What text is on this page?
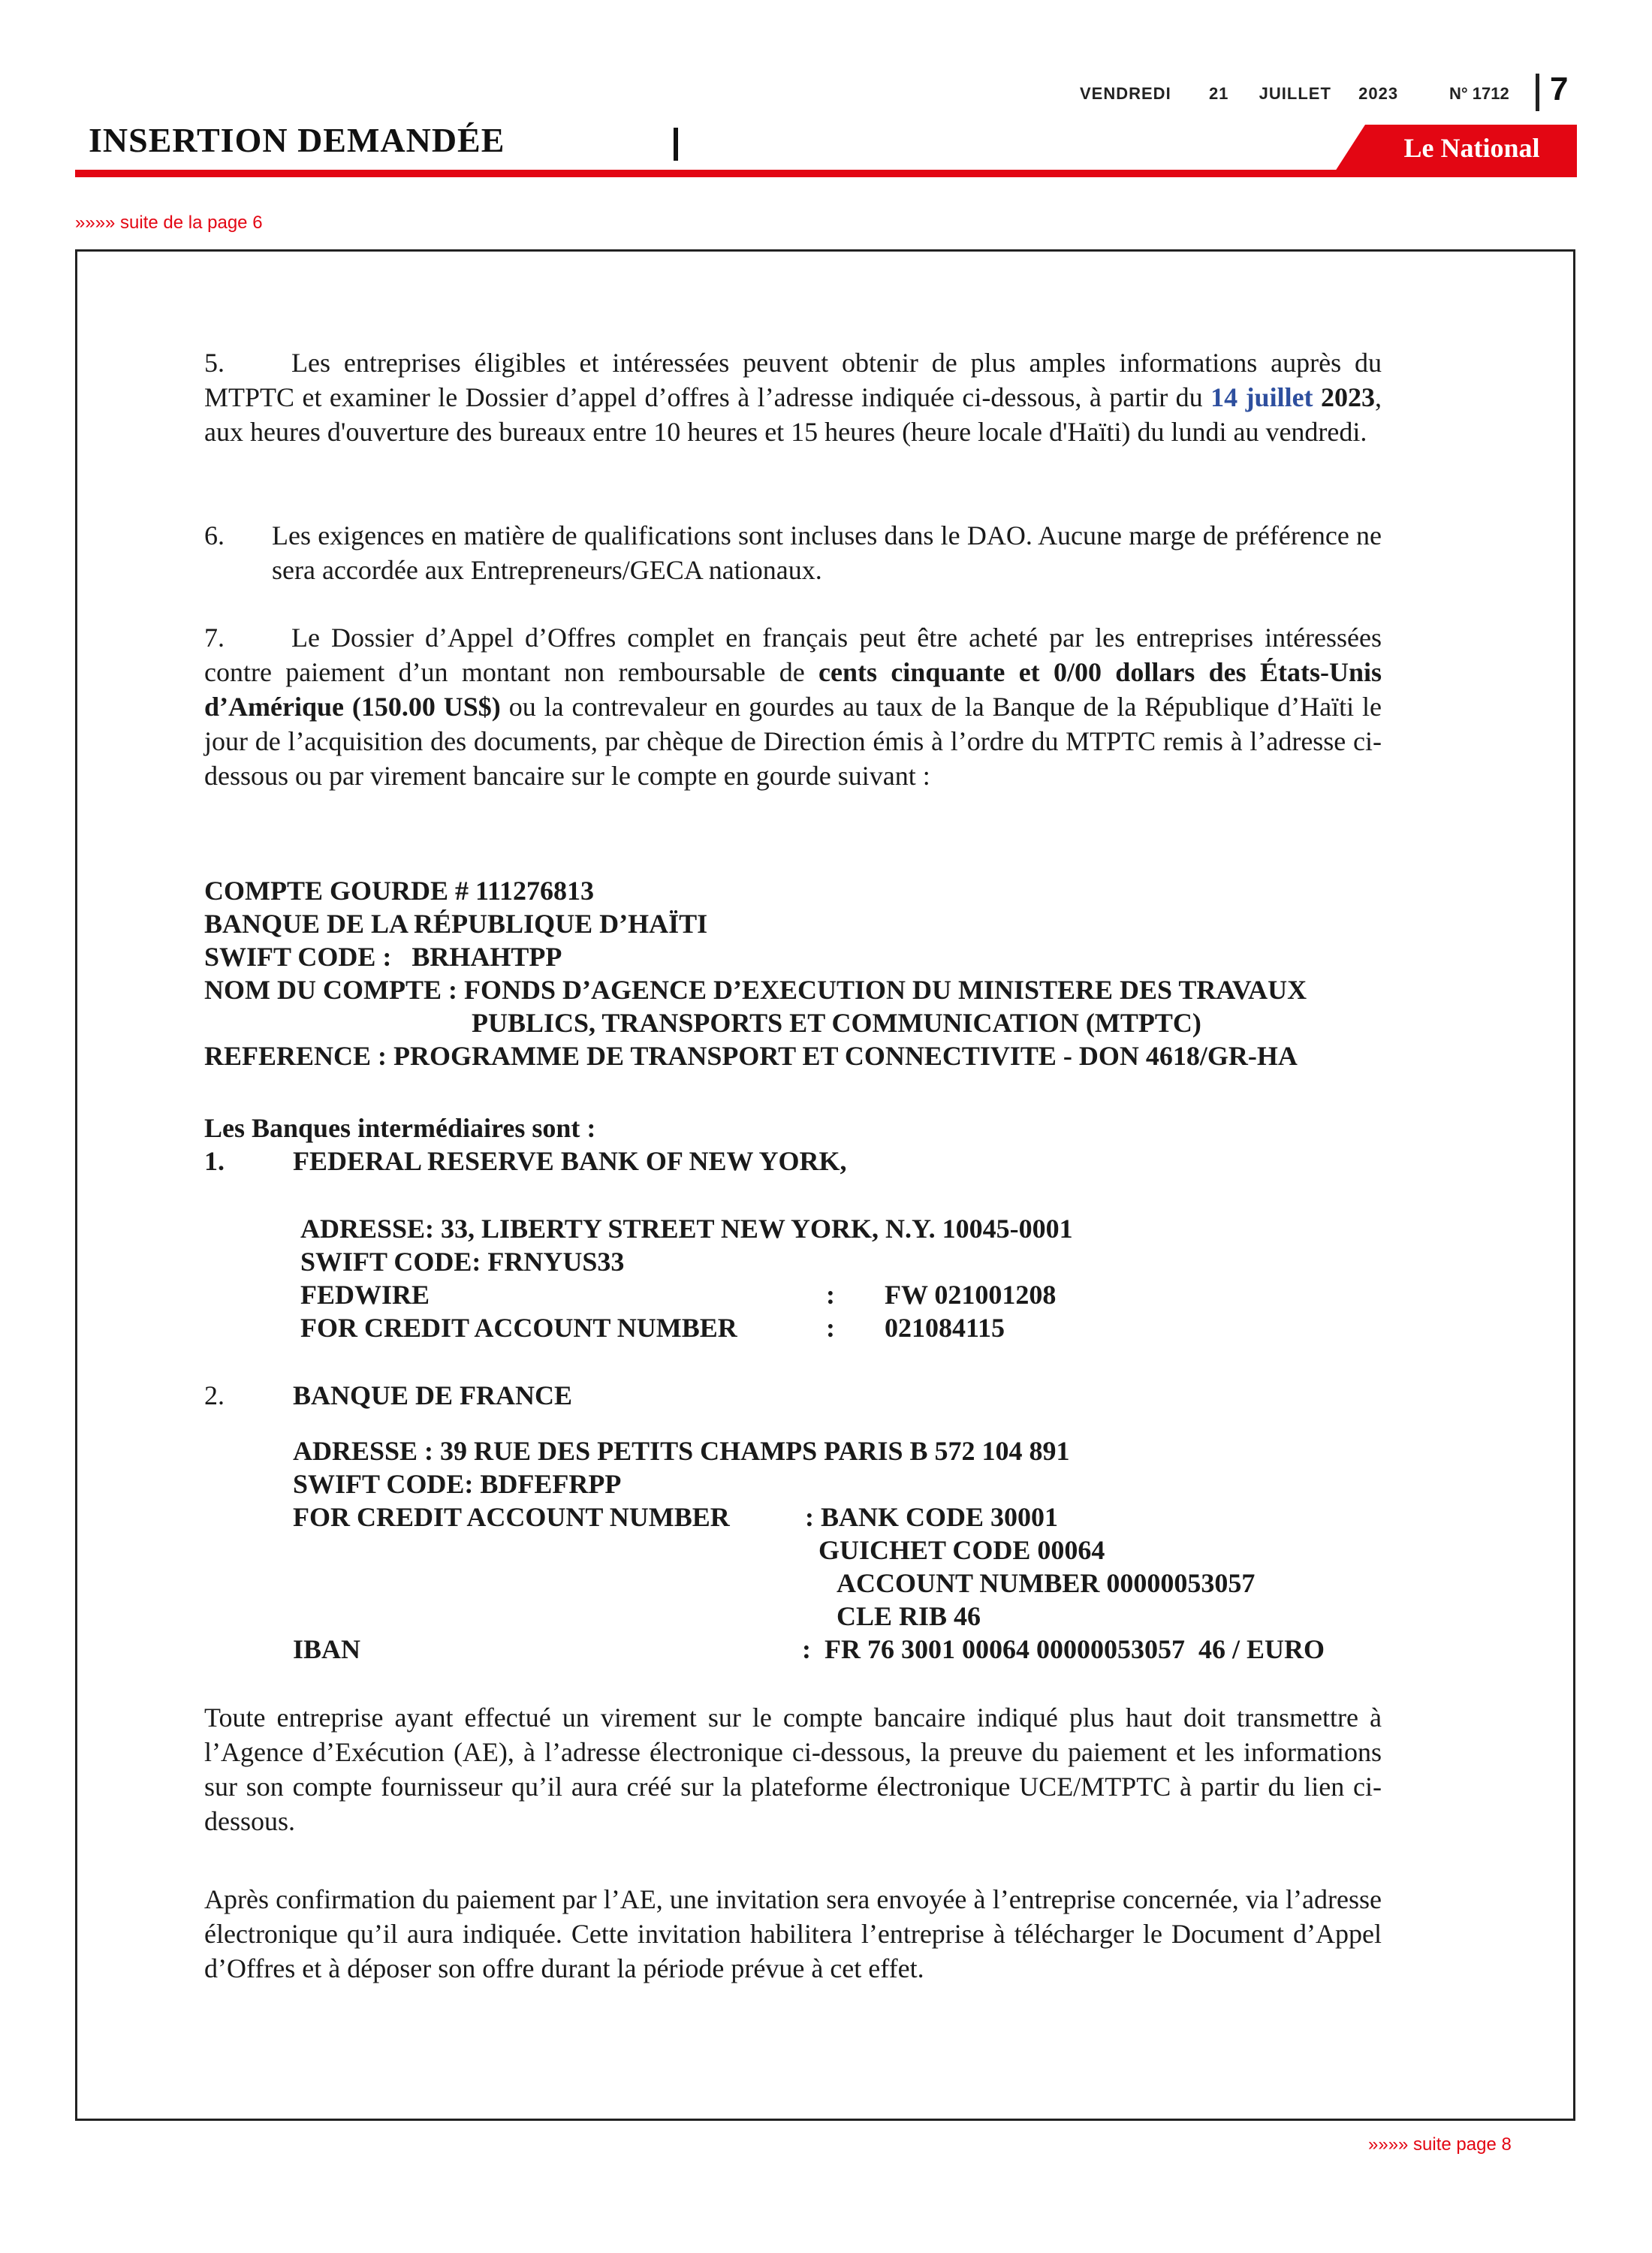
VENDREDI 21 JUILLET 2023	N° 1712 7
INSERTION DEMANDÉE	Le National
»»»» suite de la page 6

5. Les entreprises éligibles et intéressées peuvent obtenir de plus amples informations auprès du MTPTC et examiner le Dossier d’appel d’offres à l’adresse indiquée ci-dessous, à partir du 14 juillet 2023, aux heures d'ouverture des bureaux entre 10 heures et 15 heures (heure locale d'Haïti) du lundi au vendredi.

6.	Les exigences en matière de qualifications sont incluses dans le DAO. Aucune marge de préférence ne sera accordée aux Entrepreneurs/GECA nationaux.

7. Le Dossier d’Appel d’Offres complet en français peut être acheté par les entreprises intéressées contre paiement d’un montant non remboursable de cents cinquante et 0/00 dollars des États-Unis d’Amérique (150.00 US$) ou la contrevaleur en gourdes au taux de la Banque de la République d’Haïti le jour de l’acquisition des documents, par chèque de Direction émis à l’ordre du MTPTC remis à l’adresse ci-dessous ou par virement bancaire sur le compte en gourde suivant :

COMPTE GOURDE # 111276813
BANQUE DE LA RÉPUBLIQUE D’HAÏTI
SWIFT CODE :   BRHAHTPP
NOM DU COMPTE : FONDS D’AGENCE D’EXECUTION DU MINISTERE DES TRAVAUX
PUBLICS, TRANSPORTS ET COMMUNICATION (MTPTC)
REFERENCE : PROGRAMME DE TRANSPORT ET CONNECTIVITE - DON 4618/GR-HA
Les Banques intermédiaires sont :
1.	FEDERAL RESERVE BANK OF NEW YORK,
ADRESSE: 33, LIBERTY STREET NEW YORK, N.Y. 10045-0001
SWIFT CODE: FRNYUS33
FEDWIRE	: FW 021001208
FOR CREDIT ACCOUNT NUMBER	: 021084115
2.	BANQUE DE FRANCE
ADRESSE : 39 RUE DES PETITS CHAMPS PARIS B 572 104 891
SWIFT CODE: BDFEFRPP
FOR CREDIT ACCOUNT NUMBER	: BANK CODE 30001
GUICHET CODE 00064
ACCOUNT NUMBER 00000053057
CLE RIB 46
IBAN	:  FR 76 3001 00064 00000053057  46 / EURO

Toute entreprise ayant effectué un virement sur le compte bancaire indiqué plus haut doit transmettre à l’Agence d’Exécution (AE), à l’adresse électronique ci-dessous, la preuve du paiement et les informations sur son compte fournisseur qu’il aura créé sur la plateforme électronique UCE/MTPTC à partir du lien ci-dessous.

Après confirmation du paiement par l’AE, une invitation sera envoyée à l’entreprise concernée, via l’adresse électronique qu’il aura indiquée. Cette invitation habilitera l’entreprise à télécharger le Document d’Appel d’Offres et à déposer son offre durant la période prévue à cet effet.

»»»» suite page 8
